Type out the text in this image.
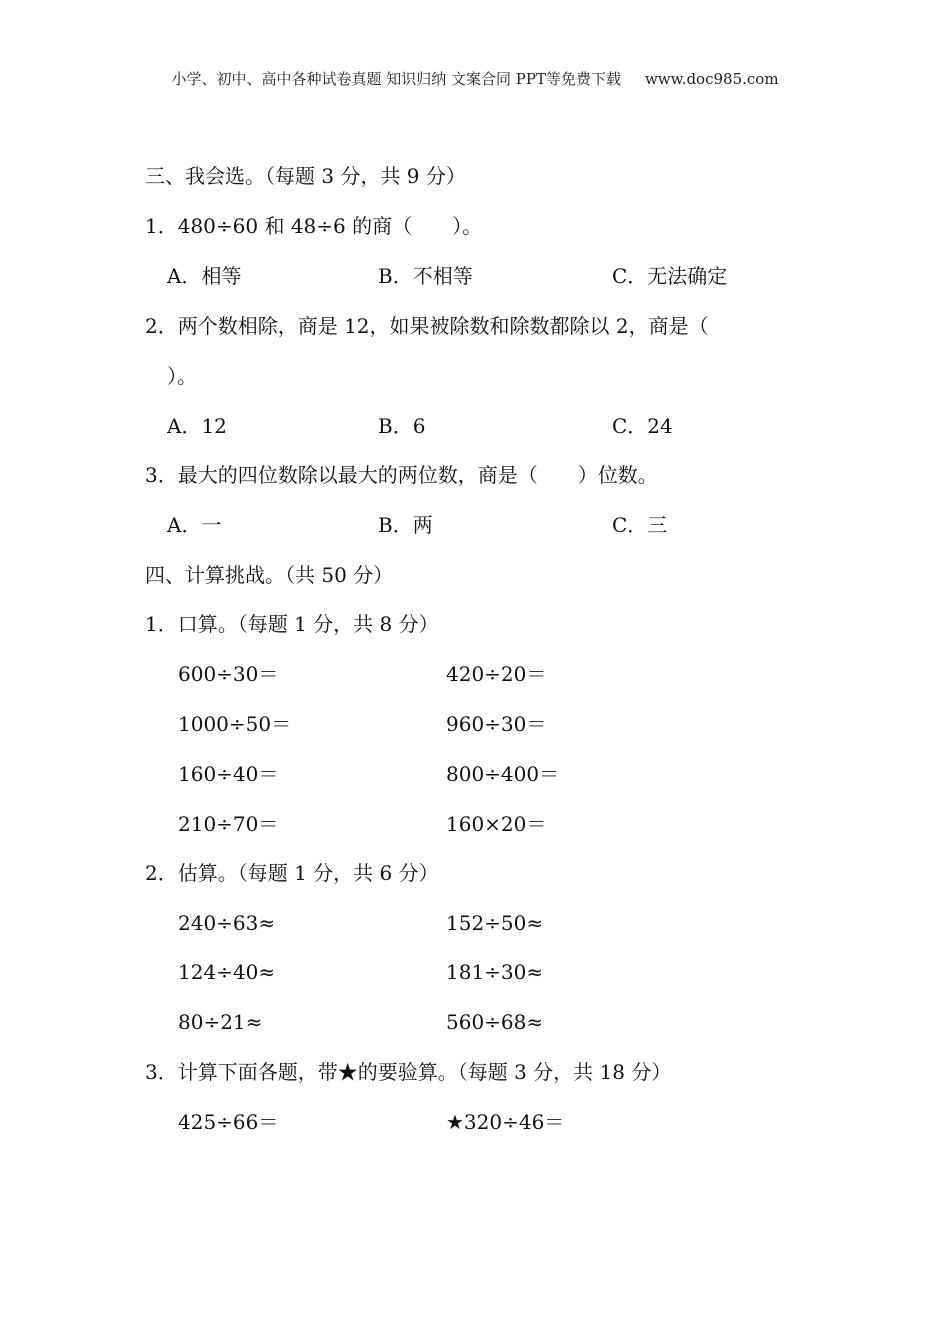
小学、初中、高中各种试卷真题 知识归纳 文案合同 PPT等免费下载 www.doc985.com
三、我会选。（每题 3 分，共 9 分）
1．480÷60 和 48÷6 的商（　　）。
A．相等	B．不相等	C．无法确定
2．两个数相除，商是 12，如果被除数和除数都除以 2，商是（
）。
A．12	B．6	C．24
3．最大的四位数除以最大的两位数，商是（　　）位数。
A．一	B．两	C．三
四、计算挑战。（共 50 分）
1．口算。（每题 1 分，共 8 分）
600÷30＝	420÷20＝
1000÷50＝	960÷30＝
160÷40＝	800÷400＝
210÷70＝	160×20＝
2．估算。（每题 1 分，共 6 分）
240÷63≈	152÷50≈
124÷40≈	181÷30≈
80÷21≈	560÷68≈
3．计算下面各题，带★的要验算。（每题 3 分，共 18 分）
425÷66＝	★320÷46＝
